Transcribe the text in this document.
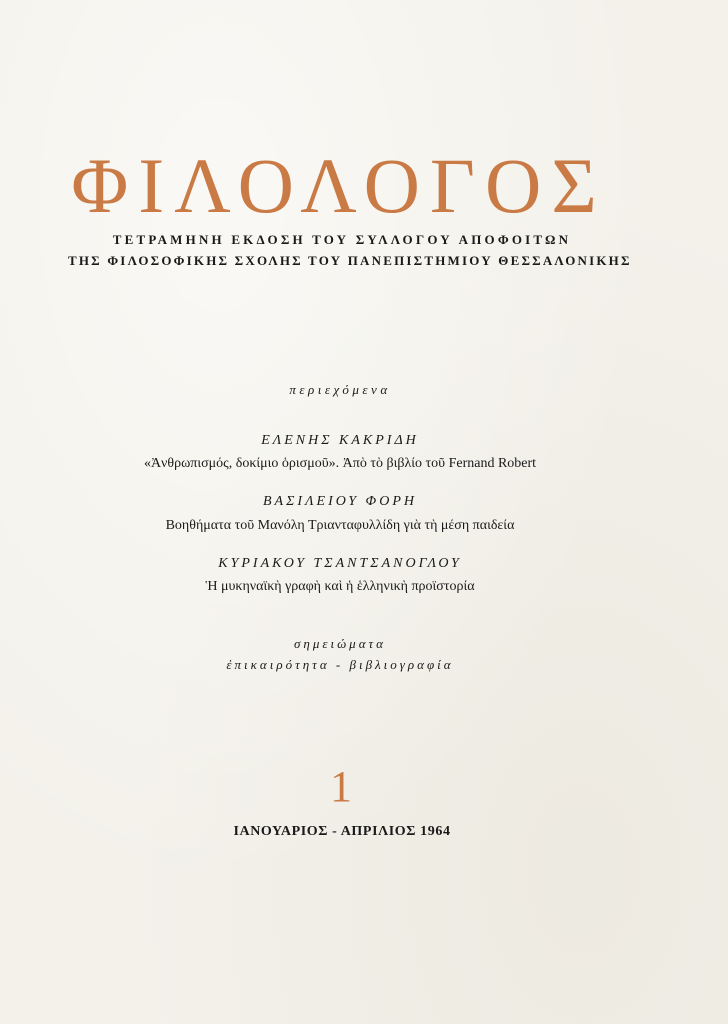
ΦΙΛΟΛΟΓΟΣ
ΤΕΤΡΑΜΗΝΗ ΕΚΔΟΣΗ ΤΟΥ ΣΥΛΛΟΓΟΥ ΑΠΟΦΟΙΤΩΝ
ΤΗΣ ΦΙΛΟΣΟΦΙΚΗΣ ΣΧΟΛΗΣ ΤΟΥ ΠΑΝΕΠΙΣΤΗΜΙΟΥ ΘΕΣΣΑΛΟΝΙΚΗΣ
περιεχόμενα
ΕΛΕΝΗΣ ΚΑΚΡΙΔΗ
«Ἀνθρωπισμός, δοκίμιο ὁρισμοῦ». Ἀπὸ τὸ βιβλίο τοῦ Fernand Robert
ΒΑΣΙΛΕΙΟΥ ΦΟΡΗ
Βοηθήματα τοῦ Μανόλη Τριανταφυλλίδη γιὰ τὴ μέση παιδεία
ΚΥΡΙΑΚΟΥ ΤΣΑΝΤΣΑΝΟΓΛΟΥ
Ἡ μυκηναϊκὴ γραφὴ καὶ ἡ ἑλληνικὴ προϊστορία
σημειώματα
ἐπικαιρότητα - βιβλιογραφία
1
ΙΑΝΟΥΑΡΙΟΣ - ΑΠΡΙΛΙΟΣ 1964
